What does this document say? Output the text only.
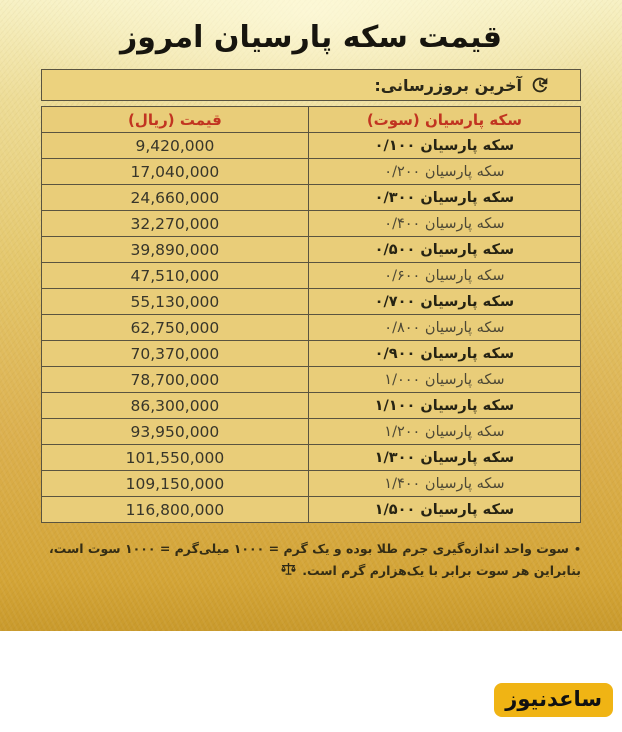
قیمت سکه پارسیان امروز
آخرین بروزرسانی:
سکه پارسیان (سوت)	قیمت (ریال)
سکه پارسیان ۰/۱۰۰	9,420,000
سکه پارسیان ۰/۲۰۰	17,040,000
سکه پارسیان ۰/۳۰۰	24,660,000
سکه پارسیان ۰/۴۰۰	32,270,000
سکه پارسیان ۰/۵۰۰	39,890,000
سکه پارسیان ۰/۶۰۰	47,510,000
سکه پارسیان ۰/۷۰۰	55,130,000
سکه پارسیان ۰/۸۰۰	62,750,000
سکه پارسیان ۰/۹۰۰	70,370,000
سکه پارسیان ۱/۰۰۰	78,700,000
سکه پارسیان ۱/۱۰۰	86,300,000
سکه پارسیان ۱/۲۰۰	93,950,000
سکه پارسیان ۱/۳۰۰	101,550,000
سکه پارسیان ۱/۴۰۰	109,150,000
سکه پارسیان ۱/۵۰۰	116,800,000
•سوت واحد اندازه‌گیری جرم طلا بوده و یک گرم = ۱۰۰۰ میلی‌گرم = ۱۰۰۰ سوت است،
بنابراین هر سوت برابر با یک‌هزارم گرم است.
ساعدنیوز
